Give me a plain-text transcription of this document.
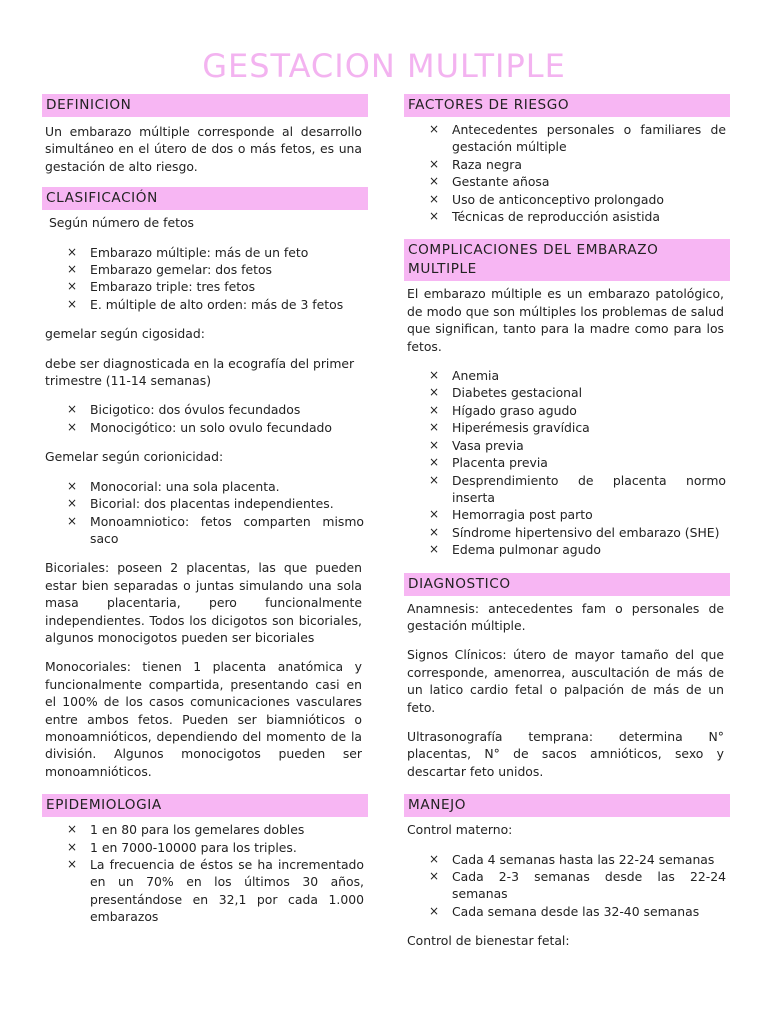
GESTACION MULTIPLE
DEFINICION
Un embarazo múltiple corresponde al desarrollo simultáneo en el útero de dos o más fetos, es una gestación de alto riesgo.
CLASIFICACIÓN
Según número de fetos
× Embarazo múltiple: más de un feto
× Embarazo gemelar: dos fetos
× Embarazo triple: tres fetos
× E. múltiple de alto orden: más de 3 fetos
gemelar según cigosidad:
debe ser diagnosticada en la ecografía del primer trimestre (11-14 semanas)
× Bicigotico: dos óvulos fecundados
× Monocigótico: un solo ovulo fecundado
Gemelar según corionicidad:
× Monocorial: una sola placenta.
× Bicorial: dos placentas independientes.
× Monoamniotico: fetos comparten mismo saco
Bicoriales: poseen 2 placentas, las que pueden estar bien separadas o juntas simulando una sola masa placentaria, pero funcionalmente independientes. Todos los dicigotos son bicoriales, algunos monocigotos pueden ser bicoriales
Monocoriales: tienen 1 placenta anatómica y funcionalmente compartida, presentando casi en el 100% de los casos comunicaciones vasculares entre ambos fetos. Pueden ser biamnióticos o monoamnióticos, dependiendo del momento de la división. Algunos monocigotos pueden ser monoamnióticos.
EPIDEMIOLOGIA
× 1 en 80 para los gemelares dobles
× 1 en 7000-10000 para los triples.
× La frecuencia de éstos se ha incrementado en un 70% en los últimos 30 años, presentándose en 32,1 por cada 1.000 embarazos
FACTORES DE RIESGO
× Antecedentes personales o familiares de gestación múltiple
× Raza negra
× Gestante añosa
× Uso de anticonceptivo prolongado
× Técnicas de reproducción asistida
COMPLICACIONES DEL EMBARAZO MULTIPLE
El embarazo múltiple es un embarazo patológico, de modo que son múltiples los problemas de salud que significan, tanto para la madre como para los fetos.
× Anemia
× Diabetes gestacional
× Hígado graso agudo
× Hiperémesis gravídica
× Vasa previa
× Placenta previa
× Desprendimiento de placenta normo inserta
× Hemorragia post parto
× Síndrome hipertensivo del embarazo (SHE)
× Edema pulmonar agudo
DIAGNOSTICO
Anamnesis: antecedentes fam o personales de gestación múltiple.
Signos Clínicos: útero de mayor tamaño del que corresponde, amenorrea, auscultación de más de un latico cardio fetal o palpación de más de un feto.
Ultrasonografía temprana: determina N° placentas, N° de sacos amnióticos, sexo y descartar feto unidos.
MANEJO
Control materno:
× Cada 4 semanas hasta las 22-24 semanas
× Cada 2-3 semanas desde las 22-24 semanas
× Cada semana desde las 32-40 semanas
Control de bienestar fetal:
